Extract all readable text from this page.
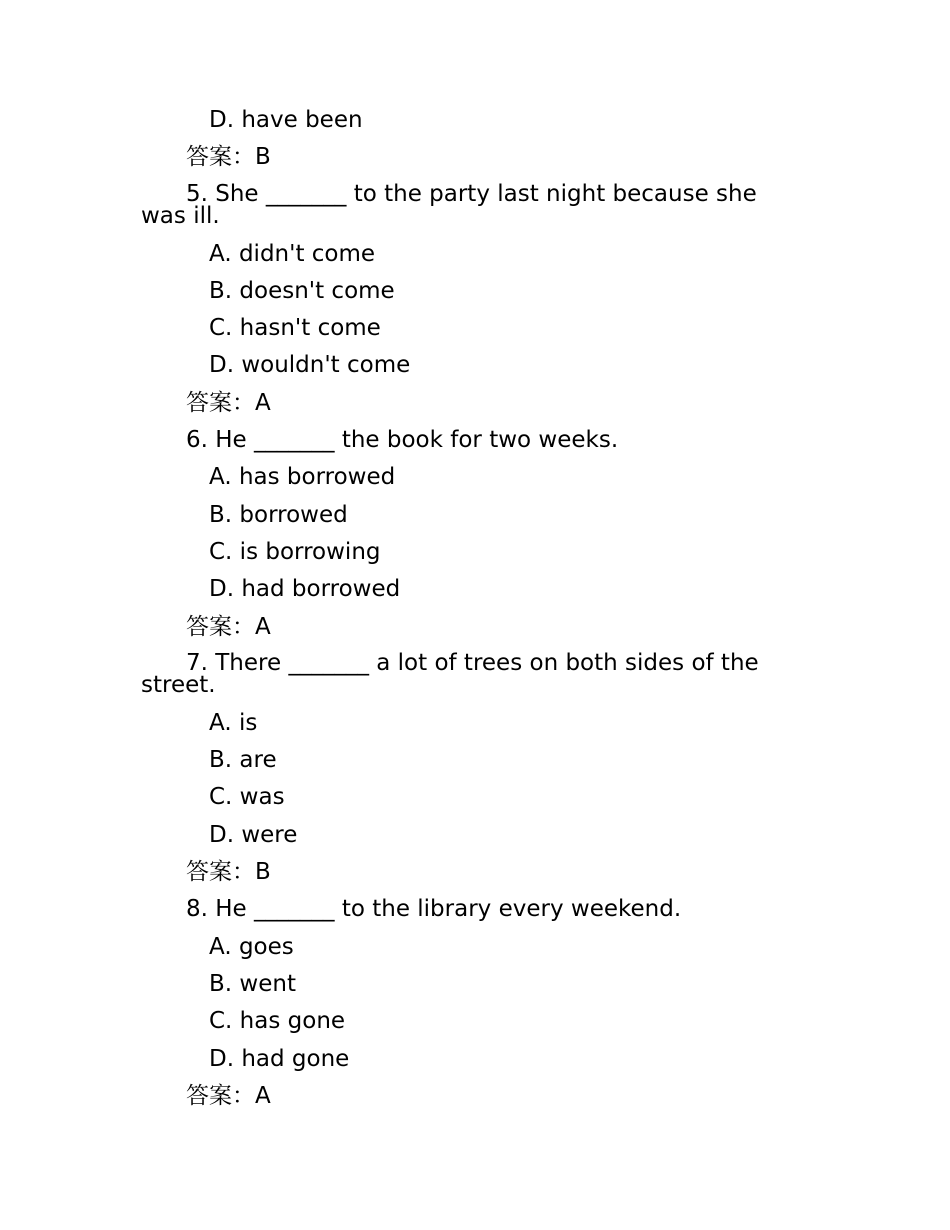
D. have been
答案：B
5. She _______ to the party last night because she was ill.
A. didn't come
B. doesn't come
C. hasn't come
D. wouldn't come
答案：A
6. He _______ the book for two weeks.
A. has borrowed
B. borrowed
C. is borrowing
D. had borrowed
答案：A
7. There _______ a lot of trees on both sides of the street.
A. is
B. are
C. was
D. were
答案：B
8. He _______ to the library every weekend.
A. goes
B. went
C. has gone
D. had gone
答案：A
